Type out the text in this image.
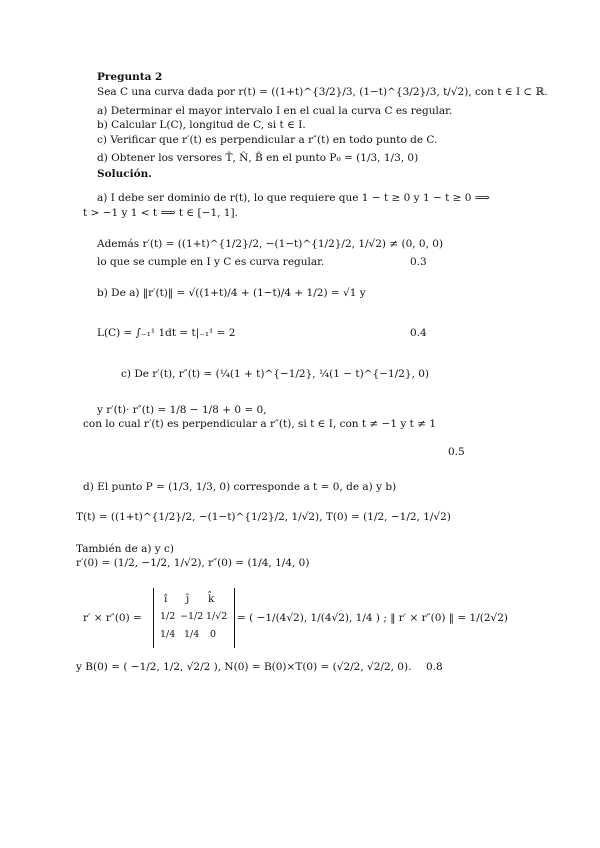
Pregunta 2
Sea C una curva dada por r(t) = ((1+t)^{3/2}/3, (1−t)^{3/2}/3, t/√2), con t ∈ I ⊂ ℝ.
a) Determinar el mayor intervalo I en el cual la curva C es regular.
b) Calcular L(C), longitud de C, si t ∈ I.
c) Verificar que r′(t) es perpendicular a r″(t) en todo punto de C.
d) Obtener los versores T̂, N̂, B̂ en el punto P₀ = (1/3, 1/3, 0)
Solución.
a) I debe ser dominio de r(t), lo que requiere que 1 − t ≥ 0 y 1 − t ≥ 0 ⟹
t > −1 y 1 < t ⟹ t ∈ [−1, 1].
Además r′(t) = ((1+t)^{1/2}/2, −(1−t)^{1/2}/2, 1/√2) ≠ (0, 0, 0)
lo que se cumple en I y C es curva regular.	0.3
b) De a) ‖r′(t)‖ = √((1+t)/4 + (1−t)/4 + 1/2) = √1 y
L(C) = ∫₋₁¹ 1dt = t|₋₁¹ = 2	0.4
c) De r′(t), r″(t) = (¼(1 + t)^{−1/2}, ¼(1 − t)^{−1/2}, 0)
y r′(t)· r″(t) = 1/8 − 1/8 + 0 = 0,
con lo cual r′(t) es perpendicular a r″(t), si t ∈ I, con t ≠ −1 y t ≠ 1
0.5
d) El punto P = (1/3, 1/3, 0) corresponde a t = 0, de a) y b)
T(t) = ((1+t)^{1/2}/2, −(1−t)^{1/2}/2, 1/√2), T(0) = (1/2, −1/2, 1/√2)
También de a) y c)
r′(0) = (1/2, −1/2, 1/√2), r″(0) = (1/4, 1/4, 0)
r′ × r″(0) =
î ĵ k̂
1/2 −1/2 1/√2
1/4 1/4 0
= ( −1/(4√2), 1/(4√2), 1/4 ) ; ‖ r′ × r″(0) ‖ = 1/(2√2)
y B(0) = ( −1/2, 1/2, √2/2 ), N(0) = B(0)×T(0) = (√2/2, √2/2, 0). 0.8
